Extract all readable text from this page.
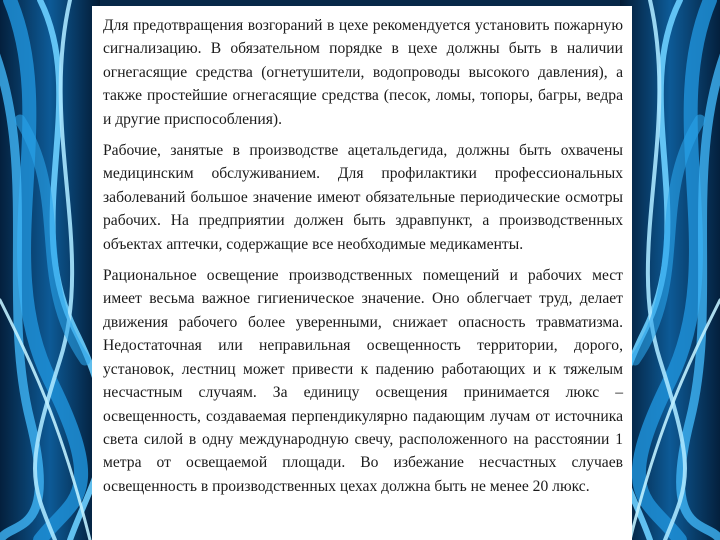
Для предотвращения возгораний в цехе рекомендуется установить пожарную сигнализацию. В обязательном порядке в цехе должны быть в наличии огнегасящие средства (огнетушители, водопроводы высокого давления), а также простейшие огнегасящие средства (песок, ломы, топоры, багры, ведра и другие приспособления).

Рабочие, занятые в производстве ацетальдегида, должны быть охвачены медицинским обслуживанием. Для профилактики профессиональных заболеваний большое значение имеют обязательные периодические осмотры рабочих. На предприятии должен быть здравпункт, а производственных объектах аптечки, содержащие все необходимые медикаменты.

Рациональное освещение производственных помещений и рабочих мест имеет весьма важное гигиеническое значение. Оно облегчает труд, делает движения рабочего более уверенными, снижает опасность травматизма. Недостаточная или неправильная освещенность территории, дорого, установок, лестниц может привести к падению работающих и к тяжелым несчастным случаям. За единицу освещения принимается люкс – освещенность, создаваемая перпендикулярно падающим лучам от источника света силой в одну международную свечу, расположенного на расстоянии 1 метра от освещаемой площади. Во избежание несчастных случаев освещенность в производственных цехах должна быть не менее 20 люкс.
